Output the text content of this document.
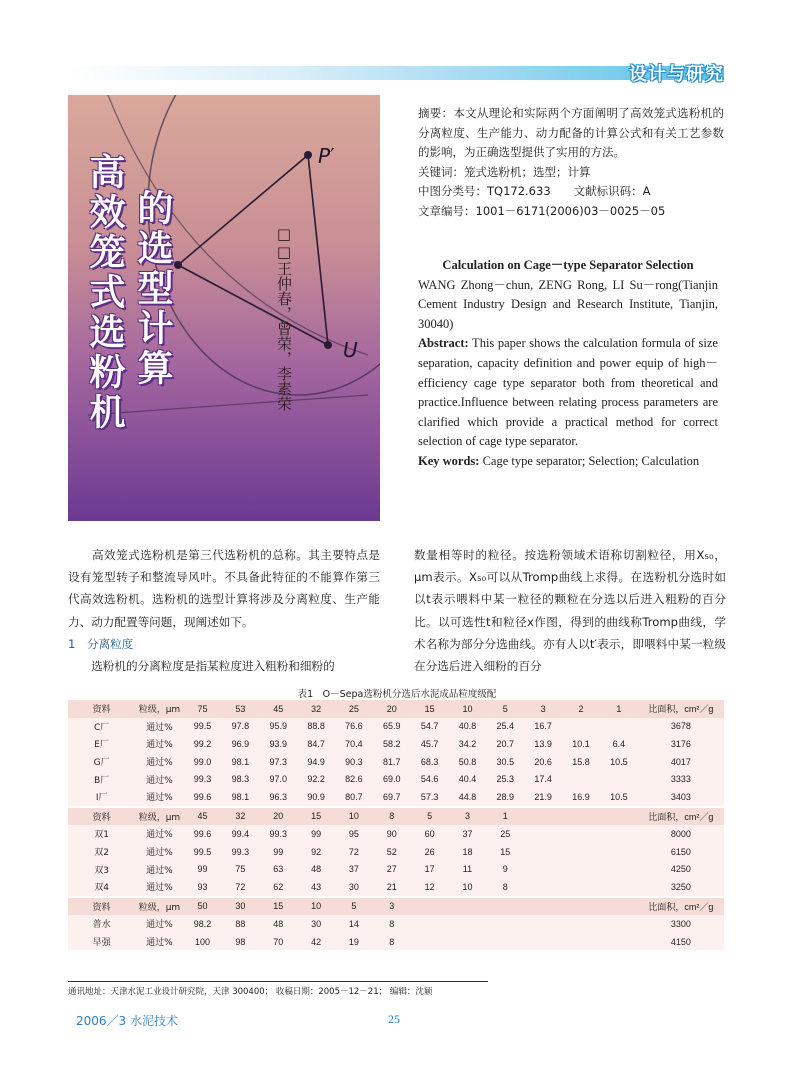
设计与研究
P′
U
高效笼式选粉机 的选型计算	□□王仲春，曾荣，李素荣

摘要：本文从理论和实际两个方面阐明了高效笼式选粉机的分离粒度、生产能力、动力配备的计算公式和有关工艺参数的影响，为正确选型提供了实用的方法。

关键词：笼式选粉机；选型；计算

中图分类号：TQ172.633　　文献标识码：A

文章编号：1001－6171(2006)03－0025－05

Calculation on Cage－type Separator Selection

WANG Zhong－chun, ZENG Rong, LI Su－rong(Tianjin Cement Industry Design and Research Institute, Tianjin, 30040)

Abstract: This paper shows the calculation formula of size separation, capacity definition and power equip of high－efficiency cage type separator both from theoretical and practice.Influence between relating process parameters are clarified which provide a practical method for correct selection of cage type separator.

Key words: Cage type separator; Selection; Calculation

　　高效笼式选粉机是第三代选粉机的总称。其主要特点是设有笼型转子和整流导风叶。不具备此特征的不能算作第三代高效选粉机。选粉机的选型计算将涉及分离粒度、生产能力、动力配置等问题，现阐述如下。

1　分离粒度

　　选粉机的分离粒度是指某粒度进入粗粉和细粉的

数量相等时的粒径。按选粉领域术语称切割粒径，用X₅₀，μm表示。X₅₀可以从Tromp曲线上求得。在选粉机分选时如以t表示喂料中某一粒径的颗粒在分选以后进入粗粉的百分比。以可选性t和粒径x作图，得到的曲线称Tromp曲线，学术名称为部分分选曲线。亦有人以t′表示，即喂料中某一粒级在分选后进入细粉的百分

表1　O－Sepa选粉机分选后水泥成品粒度级配
资料	粒级，μm	75	53	45	32	25	20	15	10	5	3	2	1	比面积，cm²／g
C厂	通过%	99.5	97.8	95.9	88.8	76.6	65.9	54.7	40.8	25.4	16.7			3678
E厂	通过%	99.2	96.9	93.9	84.7	70.4	58.2	45.7	34.2	20.7	13.9	10.1	6.4	3176
G厂	通过%	99.0	98.1	97.3	94.9	90.3	81.7	68.3	50.8	30.5	20.6	15.8	10.5	4017
B厂	通过%	99.3	98.3	97.0	92.2	82.6	69.0	54.6	40.4	25.3	17.4			3333
I厂	通过%	99.6	98.1	96.3	90.9	80.7	69.7	57.3	44.8	28.9	21.9	16.9	10.5	3403
资料	粒级，μm	45	32	20	15	10	8	5	3	1				比面积，cm²／g
双1	通过%	99.6	99.4	99.3	99	95	90	60	37	25				8000
双2	通过%	99.5	99.3	99	92	72	52	26	18	15				6150
双3	通过%	99	75	63	48	37	27	17	11	9				4250
双4	通过%	93	72	62	43	30	21	12	10	8				3250
资料	粒级，μm	50	30	15	10	5	3							比面积，cm²／g
普水	通过%	98.2	88	48	30	14	8							3300
早强	通过%	100	98	70	42	19	8							4150
通讯地址：天津水泥工业设计研究院，天津 300400； 收稿日期：2005－12－21； 编辑：沈颖
2006／3 水泥技术	25
